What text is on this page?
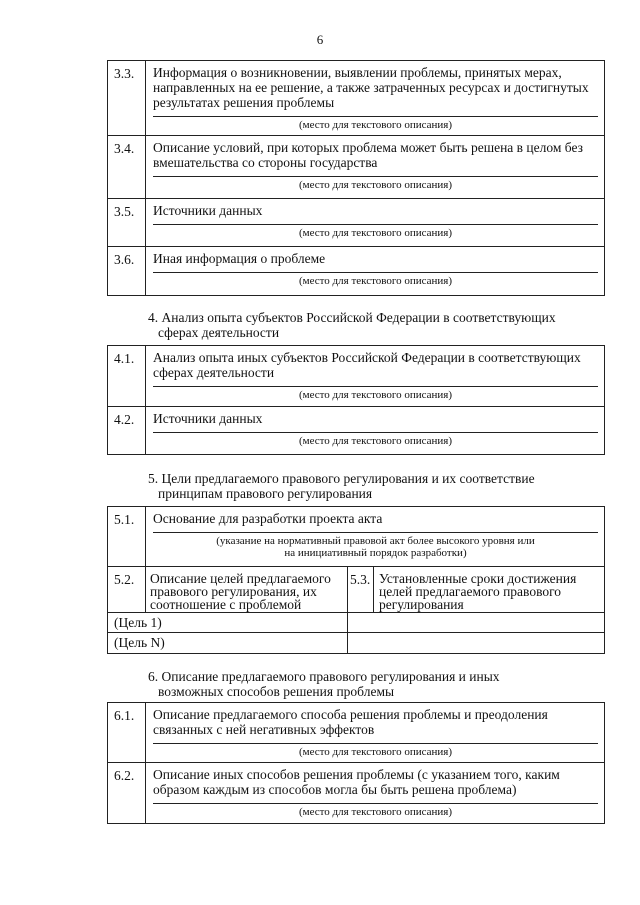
6
3.3.	Информация о возникновении, выявлении проблемы, принятых мерах, направленных на ее решение, а также затраченных ресурсах и достигнутых результатах решения проблемы
(место для текстового описания)
3.4.	Описание условий, при которых проблема может быть решена в целом без вмешательства со стороны государства
(место для текстового описания)
3.5.	Источники данных
(место для текстового описания)
3.6.	Иная информация о проблеме
(место для текстового описания)
4. Анализ опыта субъектов Российской Федерации в соответствующих
сферах деятельности
4.1.	Анализ опыта иных субъектов Российской Федерации в соответствующих сферах деятельности
(место для текстового описания)
4.2.	Источники данных
(место для текстового описания)
5. Цели предлагаемого правового регулирования и их соответствие
принципам правового регулирования
5.1.	Основание для разработки проекта акта
(указание на нормативный правовой акт более высокого уровня или
на инициативный порядок разработки)
5.2.	Описание целей предлагаемого правового регулирования, их соотношение с проблемой
5.3. Установленные сроки достижения целей предлагаемого правового регулирования
(Цель 1)
(Цель N)
6. Описание предлагаемого правового регулирования и иных
возможных способов решения проблемы
6.1.	Описание предлагаемого способа решения проблемы и преодоления связанных с ней негативных эффектов
(место для текстового описания)
6.2.	Описание иных способов решения проблемы (с указанием того, каким образом каждым из способов могла бы быть решена проблема)
(место для текстового описания)
